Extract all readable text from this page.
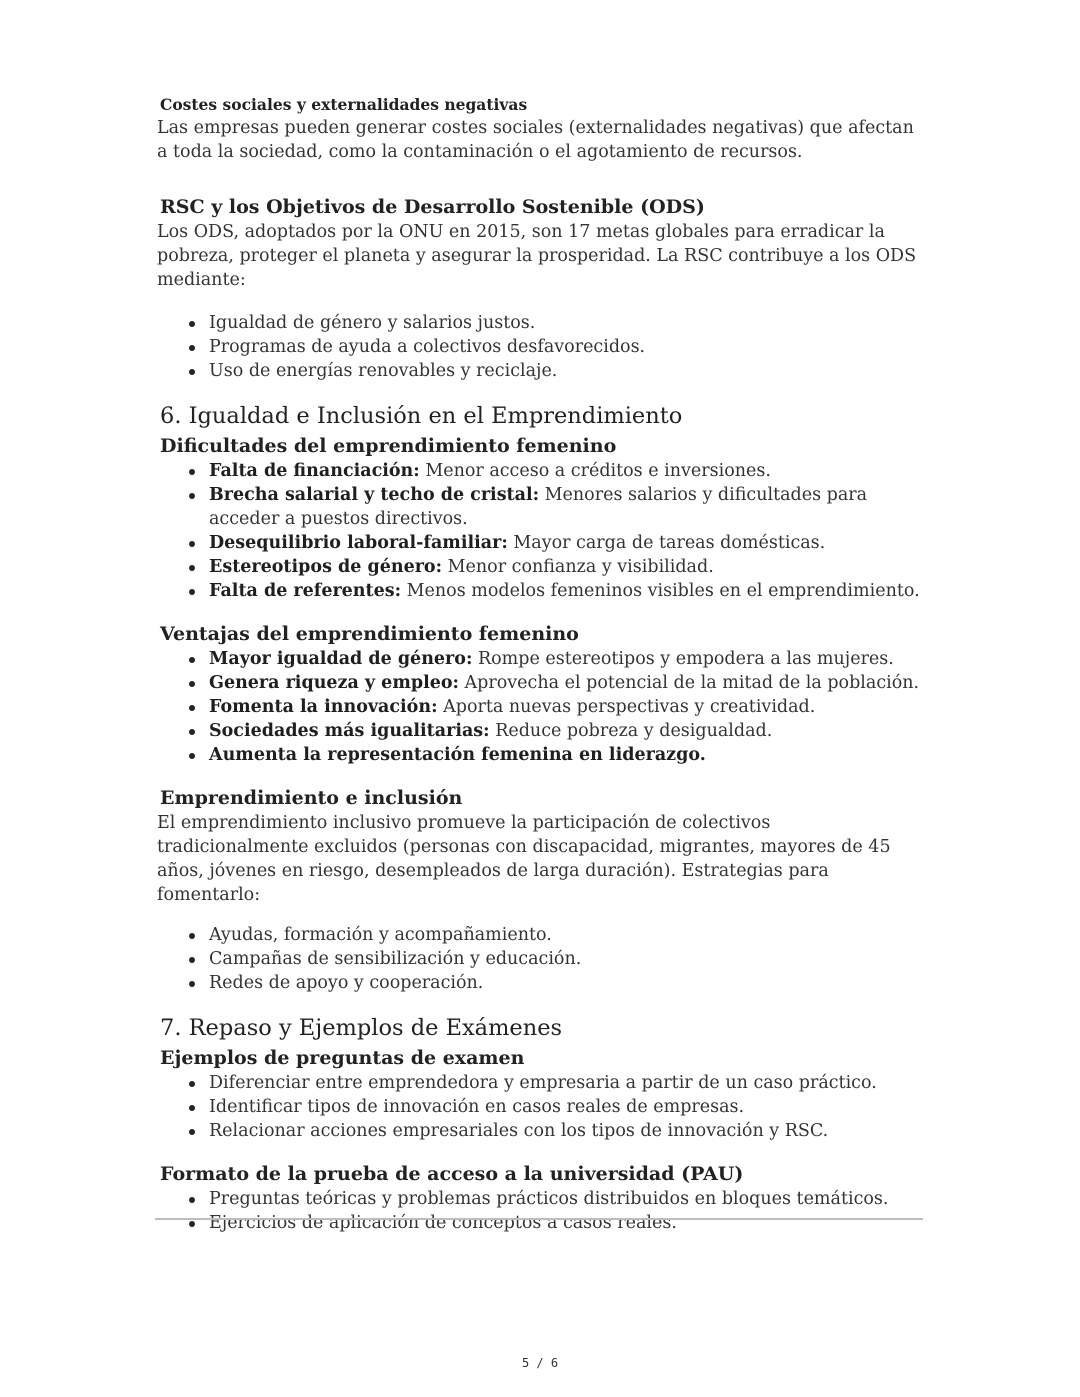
Costes sociales y externalidades negativas

Las empresas pueden generar costes sociales (externalidades negativas) que afectan a toda la sociedad, como la contaminación o el agotamiento de recursos.

RSC y los Objetivos de Desarrollo Sostenible (ODS)

Los ODS, adoptados por la ONU en 2015, son 17 metas globales para erradicar la pobreza, proteger el planeta y asegurar la prosperidad. La RSC contribuye a los ODS mediante:

Igualdad de género y salarios justos.
Programas de ayuda a colectivos desfavorecidos.
Uso de energías renovables y reciclaje.
6. Igualdad e Inclusión en el Emprendimiento
Dificultades del emprendimiento femenino
Falta de financiación: Menor acceso a créditos e inversiones.
Brecha salarial y techo de cristal: Menores salarios y dificultades para acceder a puestos directivos.
Desequilibrio laboral-familiar: Mayor carga de tareas domésticas.
Estereotipos de género: Menor confianza y visibilidad.
Falta de referentes: Menos modelos femeninos visibles en el emprendimiento.
Ventajas del emprendimiento femenino
Mayor igualdad de género: Rompe estereotipos y empodera a las mujeres.
Genera riqueza y empleo: Aprovecha el potencial de la mitad de la población.
Fomenta la innovación: Aporta nuevas perspectivas y creatividad.
Sociedades más igualitarias: Reduce pobreza y desigualdad.
Aumenta la representación femenina en liderazgo.
Emprendimiento e inclusión

El emprendimiento inclusivo promueve la participación de colectivos tradicionalmente excluidos (personas con discapacidad, migrantes, mayores de 45 años, jóvenes en riesgo, desempleados de larga duración). Estrategias para fomentarlo:

Ayudas, formación y acompañamiento.
Campañas de sensibilización y educación.
Redes de apoyo y cooperación.
7. Repaso y Ejemplos de Exámenes
Ejemplos de preguntas de examen
Diferenciar entre emprendedora y empresaria a partir de un caso práctico.
Identificar tipos de innovación en casos reales de empresas.
Relacionar acciones empresariales con los tipos de innovación y RSC.
Formato de la prueba de acceso a la universidad (PAU)
Preguntas teóricas y problemas prácticos distribuidos en bloques temáticos.
Ejercicios de aplicación de conceptos a casos reales.
5 / 6
